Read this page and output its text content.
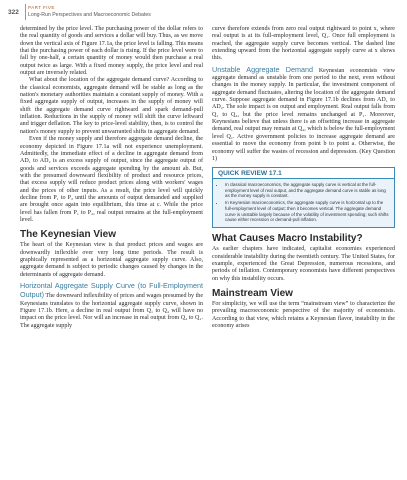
322
PART FIVE
Long-Run Perspectives and Macroeconomic Debates

determined by the price level. The purchasing power of the dollar refers to the real quantity of goods and services a dollar will buy. Thus, as we move down the vertical axis of Figure 17.1a, the price level is falling. This means that the purchasing power of each dollar is rising. If the price level were to fall by one-half, a certain quantity of money would then purchase a real output twice as large. With a fixed money supply, the price level and real output are inversely related.

What about the location of the aggregate demand curve? According to the classical economists, aggregate demand will be stable as long as the nation's monetary authorities maintain a constant supply of money. With a fixed aggregate supply of output, increases in the supply of money will shift the aggregate demand curve rightward and spark demand-pull inflation. Reductions in the supply of money will shift the curve leftward and trigger deflation. The key to price-level stability, then, is to control the nation's money supply to prevent unwarranted shifts in aggregate demand.

Even if the money supply and therefore aggregate demand decline, the economy depicted in Figure 17.1a will not experience unemployment. Admittedly, the immediate effect of a decline in aggregate demand from AD₁ to AD₂ is an excess supply of output, since the aggregate output of goods and services exceeds aggregate spending by the amount ab. But, with the presumed downward flexibility of product and resource prices, that excess supply will reduce product prices along with workers' wages and the prices of other inputs. As a result, the price level will quickly decline from P₁ to P₂ until the amounts of output demanded and supplied are brought once again into equilibrium, this time at c. While the price level has fallen from P₁ to P₂, real output remains at the full-employment level.

The Keynesian View

The heart of the Keynesian view is that product prices and wages are downwardly inflexible over very long time periods. The result is graphically represented as a horizontal aggregate supply curve. Also, aggregate demand is subject to periodic changes caused by changes in the determinants of aggregate demand.

Horizontal Aggregate Supply Curve (to Full-Employment Output) The downward inflexibility of prices and wages presumed by the Keynesians translates to the horizontal aggregate supply curve, shown in Figure 17.1b. Here, a decline in real output from Q₁ to Q₄ will have no impact on the price level. Nor will an increase in real output from Q₄ to Q₁. The aggregate supply

curve therefore extends from zero real output rightward to point x, where real output is at its full-employment level, Q₁. Once full employment is reached, the aggregate supply curve becomes vertical. The dashed line extending upward from the horizontal aggregate supply curve at x shows this.

Unstable Aggregate Demand Keynesian economists view aggregate demand as unstable from one period to the next, even without changes in the money supply. In particular, the investment component of aggregate demand fluctuates, altering the location of the aggregate demand curve. Suppose aggregate demand in Figure 17.1b declines from AD₁ to AD₂. The sole impact is on output and employment. Real output falls from Q₁ to Q₄, but the price level remains unchanged at P₁. Moreover, Keynesians believe that unless there is an offsetting increase in aggregate demand, real output may remain at Q₄, which is below the full-employment level Q₁. Active government policies to increase aggregate demand are essential to move the economy from point b to point a. Otherwise, the economy will suffer the wastes of recession and depression. (Key Question 1)

QUICK REVIEW 17.1
• In classical macroeconomics, the aggregate supply curve is vertical at the full-employment level of real output, and the aggregate demand curve is stable as long as the money supply is constant.
• In Keynesian macroeconomics, the aggregate supply curve is horizontal up to the full-employment level of output; then it becomes vertical. The aggregate demand curve is unstable largely because of the volatility of investment spending; such shifts cause either recession or demand-pull inflation.
What Causes Macro Instability?

As earlier chapters have indicated, capitalist economies experienced considerable instability during the twentieth century. The United States, for example, experienced the Great Depression, numerous recessions, and periods of inflation. Contemporary economists have different perspectives on why this instability occurs.

Mainstream View

For simplicity, we will use the term “mainstream view” to characterize the prevailing macroeconomic perspective of the majority of economists. According to that view, which retains a Keynesian flavor, instability in the economy arises
